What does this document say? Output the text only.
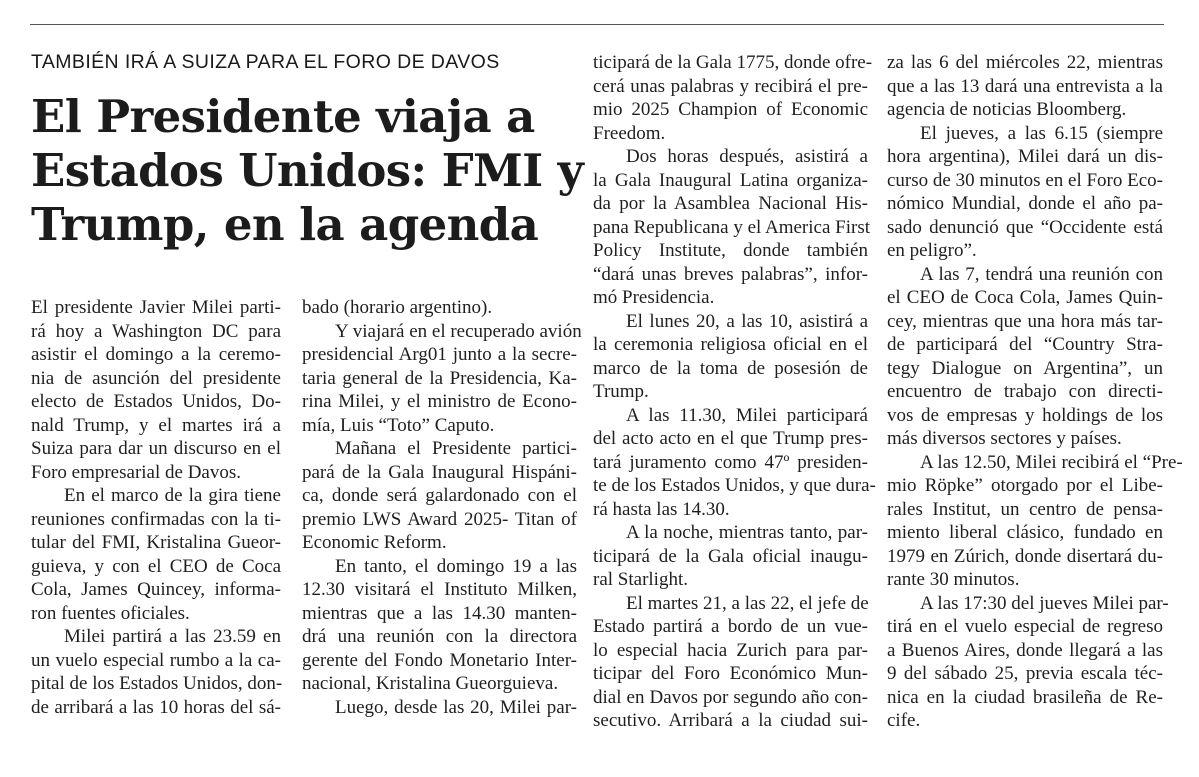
TAMBIÉN IRÁ A SUIZA PARA EL FORO DE DAVOS
El Presidente viaja a
Estados Unidos: FMI y
Trump, en la agenda
El presidente Javier Milei parti-
rá hoy a Washington DC para
asistir el domingo a la ceremo-
nia de asunción del presidente
electo de Estados Unidos, Do-
nald Trump, y el martes irá a
Suiza para dar un discurso en el
Foro empresarial de Davos.
En el marco de la gira tiene
reuniones confirmadas con la ti-
tular del FMI, Kristalina Gueor-
guieva, y con el CEO de Coca
Cola, James Quincey, informa-
ron fuentes oficiales.
Milei partirá a las 23.59 en
un vuelo especial rumbo a la ca-
pital de los Estados Unidos, don-
de arribará a las 10 horas del sá-
bado (horario argentino).
Y viajará en el recuperado avión
presidencial Arg01 junto a la secre-
taria general de la Presidencia, Ka-
rina Milei, y el ministro de Econo-
mía, Luis “Toto” Caputo.
Mañana el Presidente partici-
pará de la Gala Inaugural Hispáni-
ca, donde será galardonado con el
premio LWS Award 2025- Titan of
Economic Reform.
En tanto, el domingo 19 a las
12.30 visitará el Instituto Milken,
mientras que a las 14.30 manten-
drá una reunión con la directora
gerente del Fondo Monetario Inter-
nacional, Kristalina Gueorguieva.
Luego, desde las 20, Milei par-
ticipará de la Gala 1775, donde ofre-
cerá unas palabras y recibirá el pre-
mio 2025 Champion of Economic
Freedom.
Dos horas después, asistirá a
la Gala Inaugural Latina organiza-
da por la Asamblea Nacional His-
pana Republicana y el America First
Policy Institute, donde también
“dará unas breves palabras”, infor-
mó Presidencia.
El lunes 20, a las 10, asistirá a
la ceremonia religiosa oficial en el
marco de la toma de posesión de
Trump.
A las 11.30, Milei participará
del acto acto en el que Trump pres-
tará juramento como 47º presiden-
te de los Estados Unidos, y que dura-
rá hasta las 14.30.
A la noche, mientras tanto, par-
ticipará de la Gala oficial inaugu-
ral Starlight.
El martes 21, a las 22, el jefe de
Estado partirá a bordo de un vue-
lo especial hacia Zurich para par-
ticipar del Foro Económico Mun-
dial en Davos por segundo año con-
secutivo. Arribará a la ciudad sui-
za las 6 del miércoles 22, mientras
que a las 13 dará una entrevista a la
agencia de noticias Bloomberg.
El jueves, a las 6.15 (siempre
hora argentina), Milei dará un dis-
curso de 30 minutos en el Foro Eco-
nómico Mundial, donde el año pa-
sado denunció que “Occidente está
en peligro”.
A las 7, tendrá una reunión con
el CEO de Coca Cola, James Quin-
cey, mientras que una hora más tar-
de participará del “Country Stra-
tegy Dialogue on Argentina”, un
encuentro de trabajo con directi-
vos de empresas y holdings de los
más diversos sectores y países.
A las 12.50, Milei recibirá el “Pre-
mio Röpke” otorgado por el Libe-
rales Institut, un centro de pensa-
miento liberal clásico, fundado en
1979 en Zúrich, donde disertará du-
rante 30 minutos.
A las 17:30 del jueves Milei par-
tirá en el vuelo especial de regreso
a Buenos Aires, donde llegará a las
9 del sábado 25, previa escala téc-
nica en la ciudad brasileña de Re-
cife.
